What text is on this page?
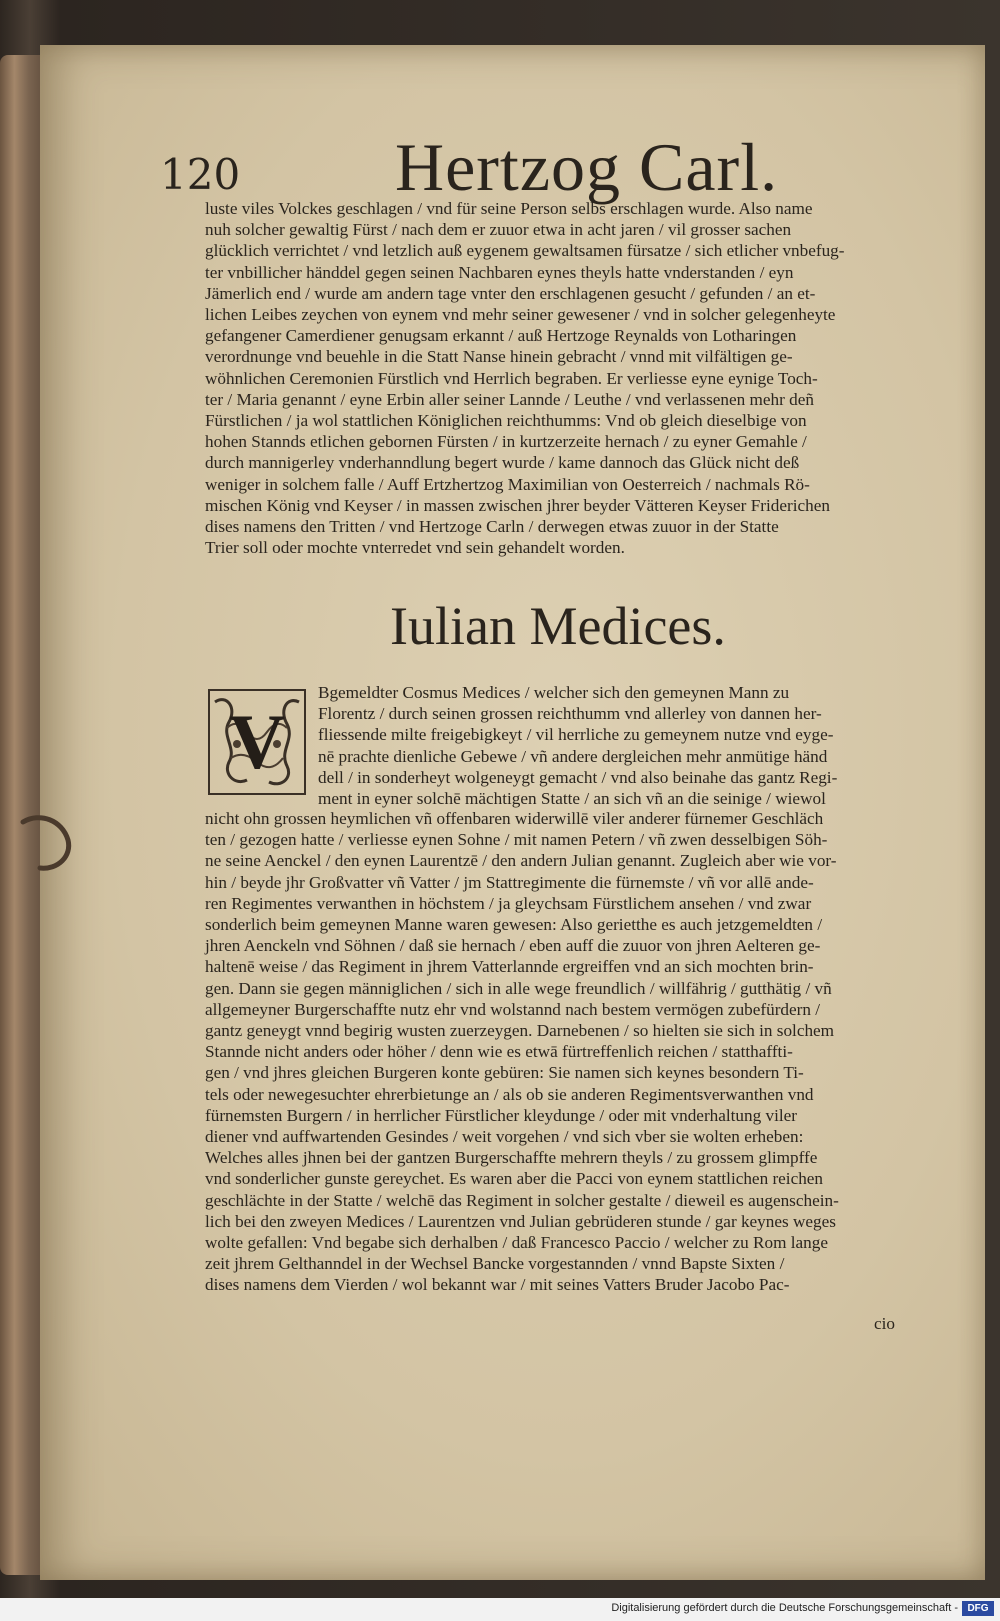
120 Hertzog Carl.
luste viles Volckes geschlagen / vnd für seine Person selbs erschlagen wurde. Also name
nuh solcher gewaltig Fürst / nach dem er zuuor etwa in acht jaren / vil grosser sachen
glücklich verrichtet / vnd letzlich auß eygenem gewaltsamen fürsatze / sich etlicher vnbefug-
ter vnbillicher händdel gegen seinen Nachbaren eynes theyls hatte vnderstanden / eyn
Jämerlich end / wurde am andern tage vnter den erschlagenen gesucht / gefunden / an et-
lichen Leibes zeychen von eynem vnd mehr seiner gewesener / vnd in solcher gelegenheyte
gefangener Camerdiener genugsam erkannt / auß Hertzoge Reynalds von Lotharingen
verordnunge vnd beuehle in die Statt Nanse hinein gebracht / vnnd mit vilfältigen ge-
wöhnlichen Ceremonien Fürstlich vnd Herrlich begraben. Er verliesse eyne eynige Toch-
ter / Maria genannt / eyne Erbin aller seiner Lannde / Leuthe / vnd verlassenen mehr deñ
Fürstlichen / ja wol stattlichen Königlichen reichthumms: Vnd ob gleich dieselbige von
hohen Stannds etlichen gebornen Fürsten / in kurtzerzeite hernach / zu eyner Gemahle /
durch mannigerley vnderhanndlung begert wurde / kame dannoch das Glück nicht deß
weniger in solchem falle / Auff Ertzhertzog Maximilian von Oesterreich / nachmals Rö-
mischen König vnd Keyser / in massen zwischen jhrer beyder Vätteren Keyser Friderichen
dises namens den Tritten / vnd Hertzoge Carln / derwegen etwas zuuor in der Statte
Trier soll oder mochte vnterredet vnd sein gehandelt worden.
Iulian Medices.
V
Bgemeldter Cosmus Medices / welcher sich den gemeynen Mann zu
Florentz / durch seinen grossen reichthumm vnd allerley von dannen her-
fliessende milte freigebigkeyt / vil herrliche zu gemeynem nutze vnd eyge-
nē prachte dienliche Gebewe / vñ andere dergleichen mehr anmütige händ
dell / in sonderheyt wolgeneygt gemacht / vnd also beinahe das gantz Regi-
ment in eyner solchē mächtigen Statte / an sich vñ an die seinige / wiewol
nicht ohn grossen heymlichen vñ offenbaren widerwillē viler anderer fürnemer Geschläch
ten / gezogen hatte / verliesse eynen Sohne / mit namen Petern / vñ zwen desselbigen Söh-
ne seine Aenckel / den eynen Laurentzē / den andern Julian genannt. Zugleich aber wie vor-
hin / beyde jhr Großvatter vñ Vatter / jm Stattregimente die fürnemste / vñ vor allē ande-
ren Regimentes verwanthen in höchstem / ja gleychsam Fürstlichem ansehen / vnd zwar
sonderlich beim gemeynen Manne waren gewesen: Also gerietthe es auch jetzgemeldten /
jhren Aenckeln vnd Söhnen / daß sie hernach / eben auff die zuuor von jhren Aelteren ge-
haltenē weise / das Regiment in jhrem Vatterlannde ergreiffen vnd an sich mochten brin-
gen. Dann sie gegen männiglichen / sich in alle wege freundlich / willfährig / gutthätig / vñ
allgemeyner Burgerschaffte nutz ehr vnd wolstannd nach bestem vermögen zubefürdern /
gantz geneygt vnnd begirig wusten zuerzeygen. Darnebenen / so hielten sie sich in solchem
Stannde nicht anders oder höher / denn wie es etwā fürtreffenlich reichen / statthaffti-
gen / vnd jhres gleichen Burgeren konte gebüren: Sie namen sich keynes besondern Ti-
tels oder newegesuchter ehrerbietunge an / als ob sie anderen Regimentsverwanthen vnd
fürnemsten Burgern / in herrlicher Fürstlicher kleydunge / oder mit vnderhaltung viler
diener vnd auffwartenden Gesindes / weit vorgehen / vnd sich vber sie wolten erheben:
Welches alles jhnen bei der gantzen Burgerschaffte mehrern theyls / zu grossem glimpffe
vnd sonderlicher gunste gereychet. Es waren aber die Pacci von eynem stattlichen reichen
geschlächte in der Statte / welchē das Regiment in solcher gestalte / dieweil es augenschein-
lich bei den zweyen Medices / Laurentzen vnd Julian gebrüderen stunde / gar keynes weges
wolte gefallen: Vnd begabe sich derhalben / daß Francesco Paccio / welcher zu Rom lange
zeit jhrem Gelthanndel in der Wechsel Bancke vorgestannden / vnnd Bapste Sixten /
dises namens dem Vierden / wol bekannt war / mit seines Vatters Bruder Jacobo Pac-
cio
Digitalisierung gefördert durch die Deutsche Forschungsgemeinschaft - DFG
